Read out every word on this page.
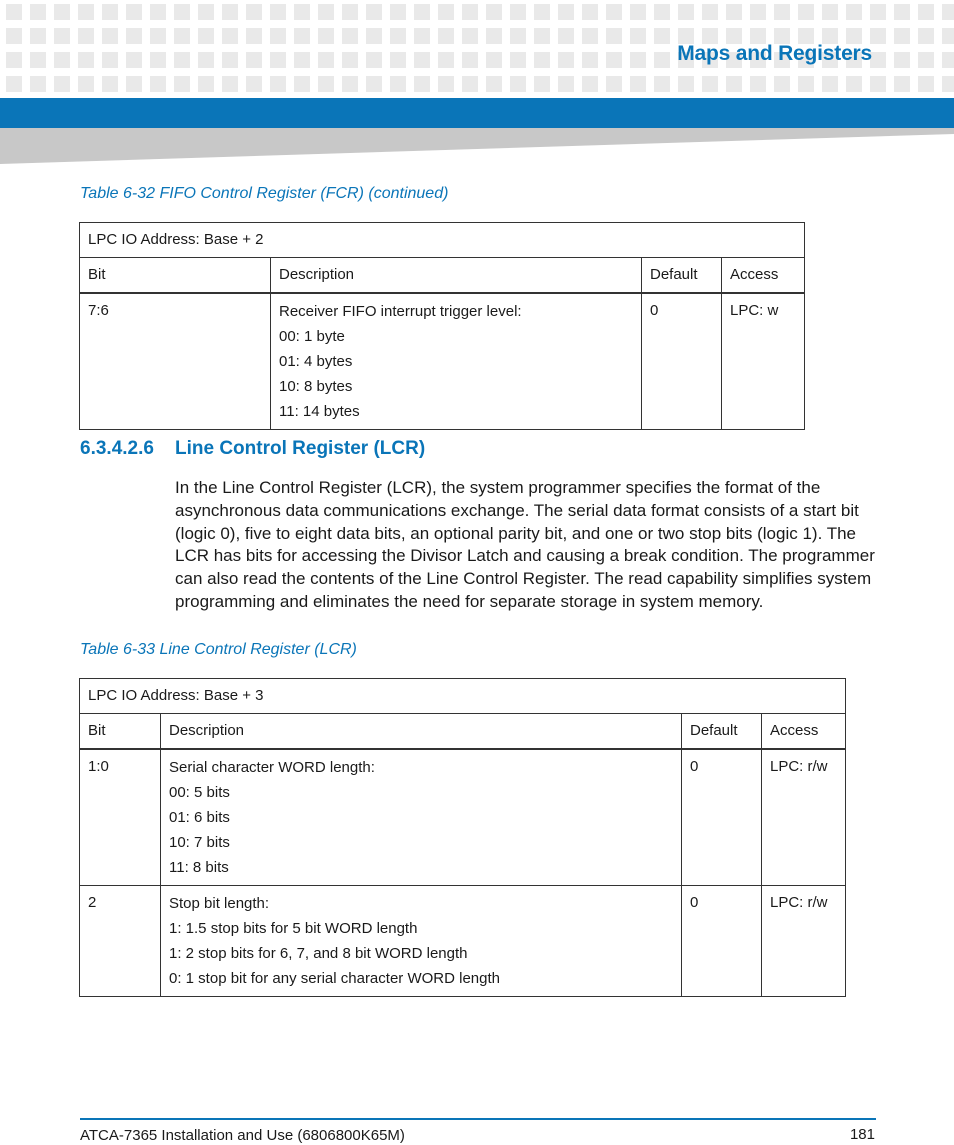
Maps and Registers
Table 6-32 FIFO Control Register (FCR) (continued)
LPC IO Address: Base + 2			
Bit	Description	Default	Access
7:6	Receiver FIFO interrupt trigger level:
00: 1 byte
01: 4 bytes
10: 8 bytes
11: 14 bytes	0	LPC: w
6.3.4.2.6 Line Control Register (LCR)
In the Line Control Register (LCR), the system programmer specifies the format of the asynchronous data communications exchange. The serial data format consists of a start bit (logic 0), five to eight data bits, an optional parity bit, and one or two stop bits (logic 1). The LCR has bits for accessing the Divisor Latch and causing a break condition. The programmer can also read the contents of the Line Control Register. The read capability simplifies system programming and eliminates the need for separate storage in system memory.
Table 6-33 Line Control Register (LCR)
LPC IO Address: Base + 3			
Bit	Description	Default	Access
1:0	Serial character WORD length:
00: 5 bits
01: 6 bits
10: 7 bits
11: 8 bits	0	LPC: r/w
2	Stop bit length:
1: 1.5 stop bits for 5 bit WORD length
1: 2 stop bits for 6, 7, and 8 bit WORD length
0: 1 stop bit for any serial character WORD length	0	LPC: r/w
ATCA-7365 Installation and Use (6806800K65M)	181
